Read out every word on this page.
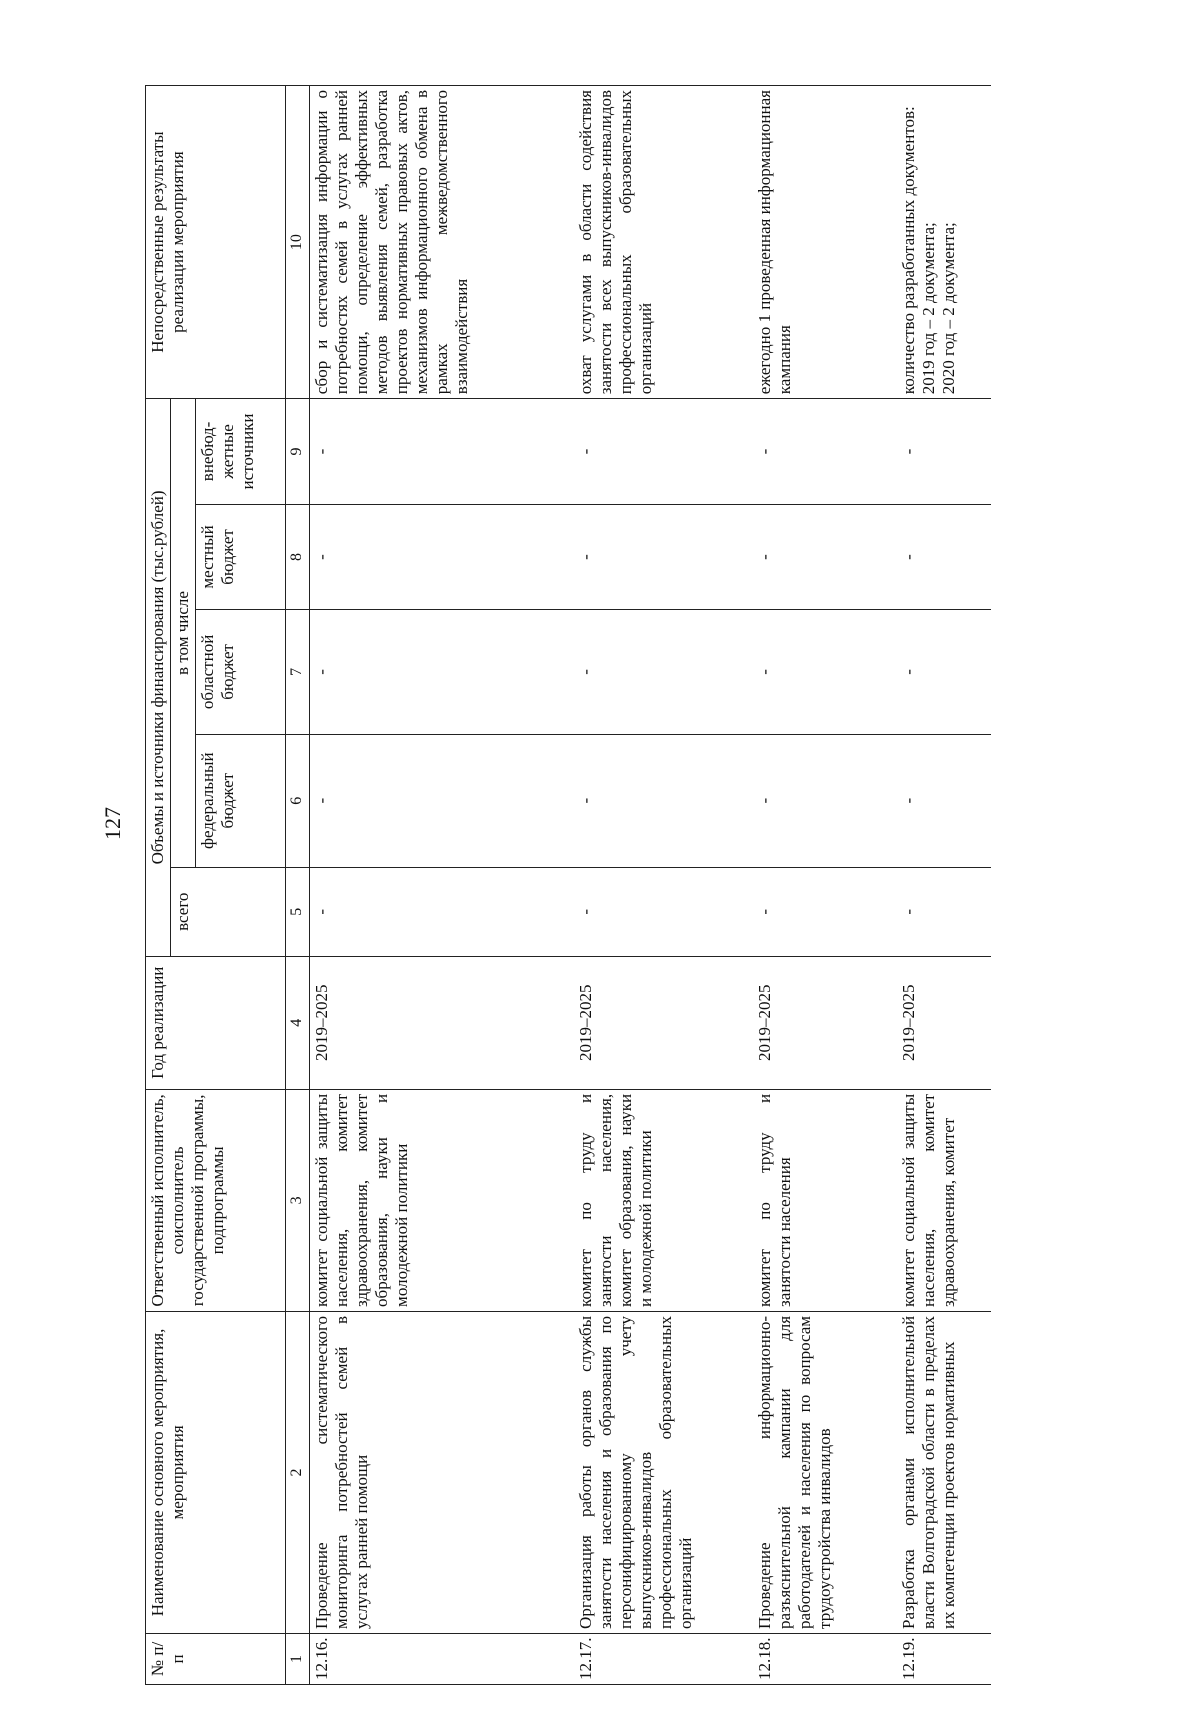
127
№ п/п	Наименование основного мероприятия, мероприятия	Ответственный исполнитель, соисполнитель государственной программы, подпрограммы	Год реализации	Объемы и источники финансирования (тыс.рублей)					Непосредственные результаты реализации мероприятия
				всего	в том числе				
					федеральный бюджет	областной бюджет	местный бюджет	внебюд-жетные источники	
1	2	3	4	5	6	7	8	9	10
12.16.	Проведение систематического мониторинга потребностей семей в услугах ранней помощи	комитет социальной защиты населения, комитет здравоохранения, комитет образования, науки и молодежной политики	2019–2025	-	-	-	-	-	сбор и систематизация информации о потребностях семей в услугах ранней помощи, определение эффективных методов выявления семей, разработка проектов нормативных правовых актов, механизмов информационного обмена в рамках межведомственного взаимодействия
12.17.	Организация работы органов службы занятости населения и образования по персонифицированному учету выпускников-инвалидов профессиональных образовательных организаций	комитет по труду и занятости населения, комитет образования, науки и молодежной политики	2019–2025	-	-	-	-	-	охват услугами в области содействия занятости всех выпускников-инвалидов профессиональных образовательных организаций
12.18.	Проведение информационно-разъяснительной кампании для работодателей и населения по вопросам трудоустройства инвалидов	комитет по труду и занятости населения	2019–2025	-	-	-	-	-	ежегодно 1 проведенная информационная кампания
12.19.	Разработка органами исполнительной власти Волгоградской области в пределах их компетенции проектов нормативных	комитет социальной защиты населения, комитет здравоохранения, комитет	2019–2025	-	-	-	-	-	количество разработанных документов:
2019 год – 2 документа;
2020 год – 2 документа;
